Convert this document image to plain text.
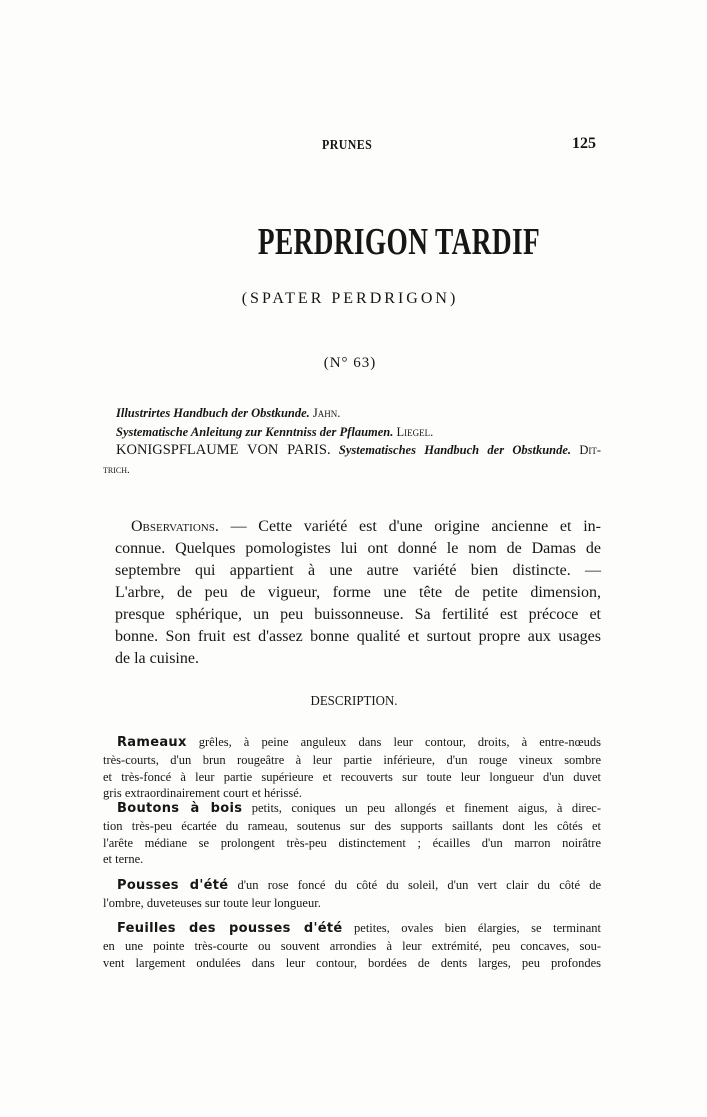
PRUNES	125
PERDRIGON TARDIF
(SPATER PERDRIGON)
(N° 63)
Illustrirtes Handbuch der Obstkunde. Jahn.
Systematische Anleitung zur Kenntniss der Pflaumen. Liegel.
KONIGSPFLAUME VON PARIS. Systematisches Handbuch der Obstkunde. Dit-
trich.
Observations. — Cette variété est d'une origine ancienne et in-
connue. Quelques pomologistes lui ont donné le nom de Damas de
septembre qui appartient à une autre variété bien distincte. —
L'arbre, de peu de vigueur, forme une tête de petite dimension,
presque sphérique, un peu buissonneuse. Sa fertilité est précoce et
bonne. Son fruit est d'assez bonne qualité et surtout propre aux usages
de la cuisine.
DESCRIPTION.
Rameaux grêles, à peine anguleux dans leur contour, droits, à entre-nœuds
très-courts, d'un brun rougeâtre à leur partie inférieure, d'un rouge vineux sombre
et très-foncé à leur partie supérieure et recouverts sur toute leur longueur d'un duvet
gris extraordinairement court et hérissé.
Boutons à bois petits, coniques un peu allongés et finement aigus, à direc-
tion très-peu écartée du rameau, soutenus sur des supports saillants dont les côtés et
l'arête médiane se prolongent très-peu distinctement ; écailles d'un marron noirâtre
et terne.
Pousses d'été d'un rose foncé du côté du soleil, d'un vert clair du côté de
l'ombre, duveteuses sur toute leur longueur.
Feuilles des pousses d'été petites, ovales bien élargies, se terminant
en une pointe très-courte ou souvent arrondies à leur extrémité, peu concaves, sou-
vent largement ondulées dans leur contour, bordées de dents larges, peu profondes
